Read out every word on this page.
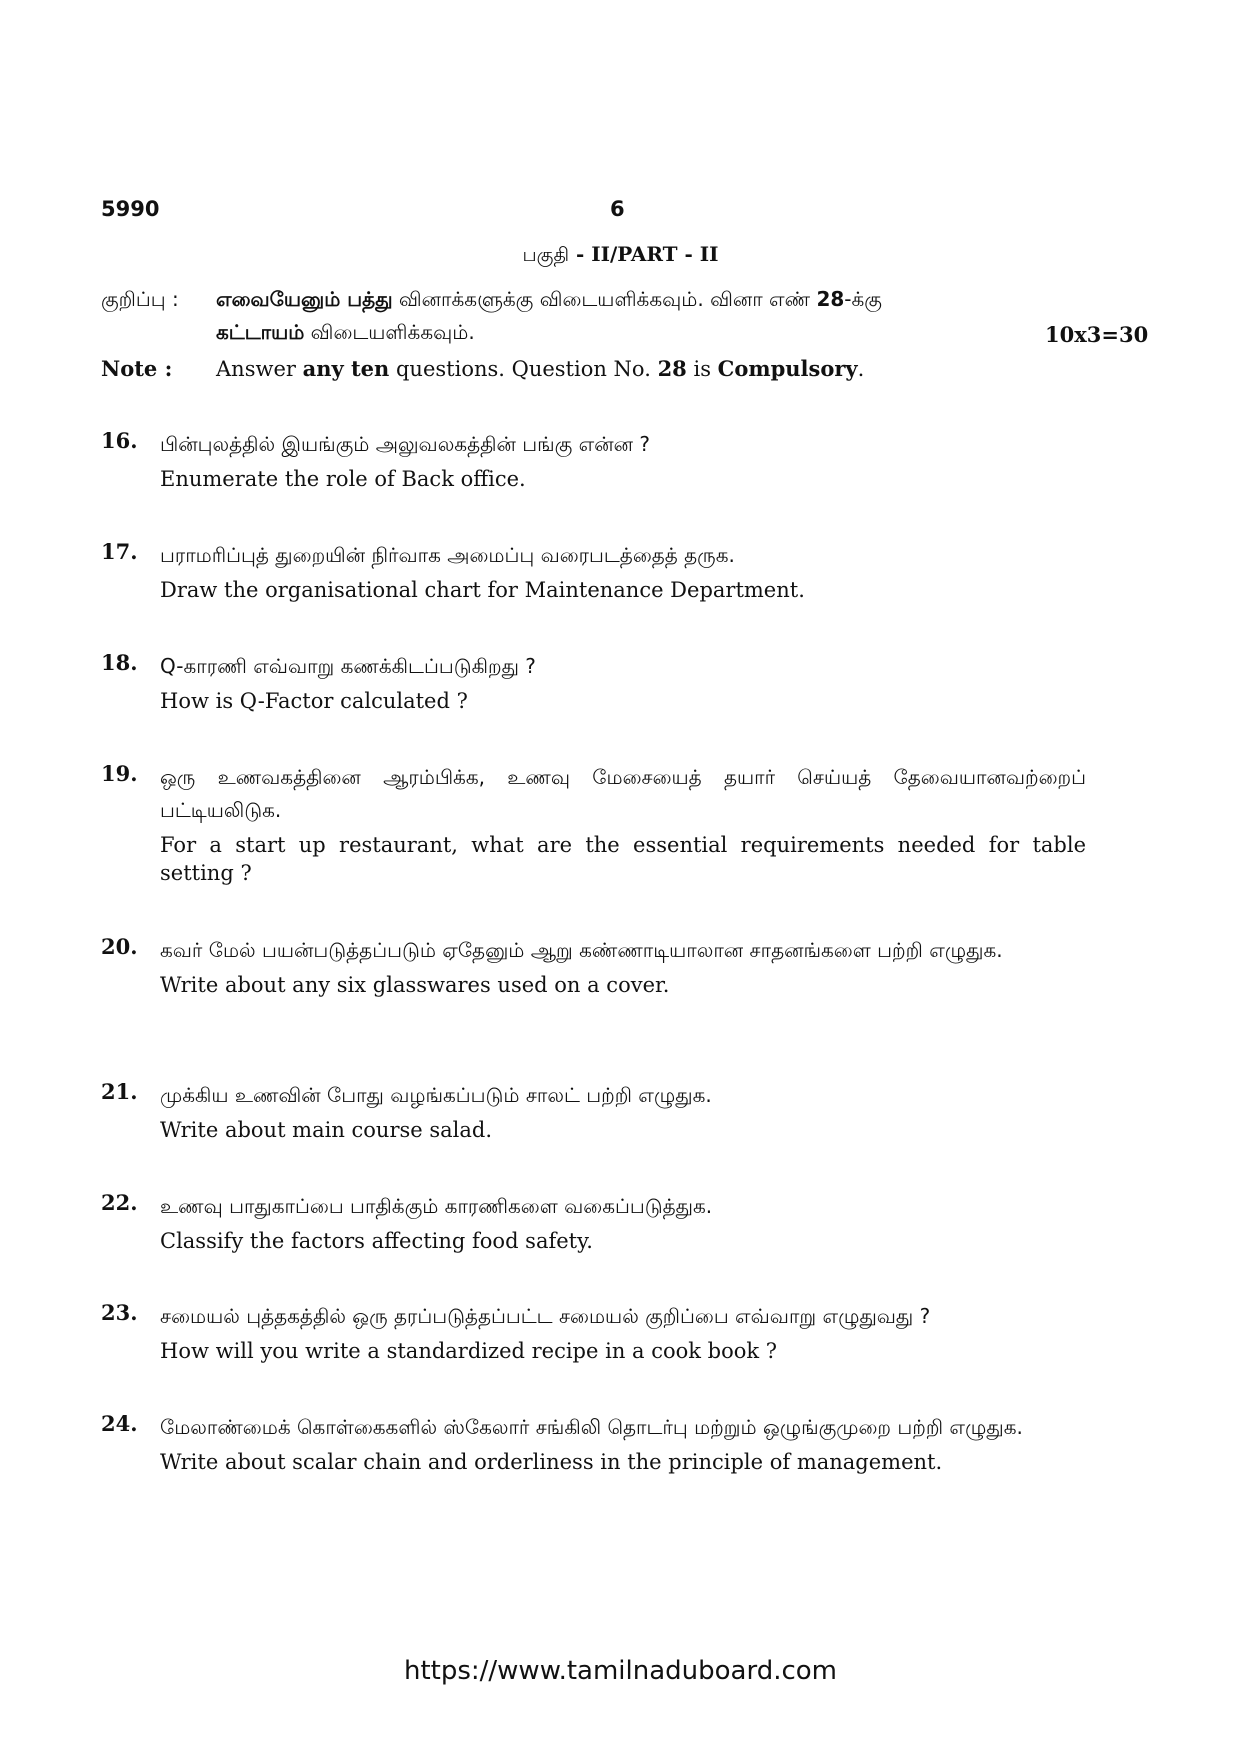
5990	6
பகுதி - II/PART - II
குறிப்பு : எவையேனும் பத்து வினாக்களுக்கு விடையளிக்கவும். வினா எண் 28-க்கு
கட்டாயம் விடையளிக்கவும்.	10x3=30
Note : Answer any ten questions. Question No. 28 is Compulsory.
16. பின்புலத்தில் இயங்கும் அலுவலகத்தின் பங்கு என்ன ?
Enumerate the role of Back office.
17. பராமரிப்புத் துறையின் நிர்வாக அமைப்பு வரைபடத்தைத் தருக.
Draw the organisational chart for Maintenance Department.
18. Q-காரணி எவ்வாறு கணக்கிடப்படுகிறது ?
How is Q-Factor calculated ?
19. ஒரு உணவகத்தினை ஆரம்பிக்க, உணவு மேசையைத் தயார் செய்யத் தேவையானவற்றைப் பட்டியலிடுக.
For a start up restaurant, what are the essential requirements needed for table setting ?
20. கவர் மேல் பயன்படுத்தப்படும் ஏதேனும் ஆறு கண்ணாடியாலான சாதனங்களை பற்றி எழுதுக.
Write about any six glasswares used on a cover.
21. முக்கிய உணவின் போது வழங்கப்படும் சாலட் பற்றி எழுதுக.
Write about main course salad.
22. உணவு பாதுகாப்பை பாதிக்கும் காரணிகளை வகைப்படுத்துக.
Classify the factors affecting food safety.
23. சமையல் புத்தகத்தில் ஒரு தரப்படுத்தப்பட்ட சமையல் குறிப்பை எவ்வாறு எழுதுவது ?
How will you write a standardized recipe in a cook book ?
24. மேலாண்மைக் கொள்கைகளில் ஸ்கேலார் சங்கிலி தொடர்பு மற்றும் ஒழுங்குமுறை பற்றி எழுதுக.
Write about scalar chain and orderliness in the principle of management.
https://www.tamilnaduboard.com
